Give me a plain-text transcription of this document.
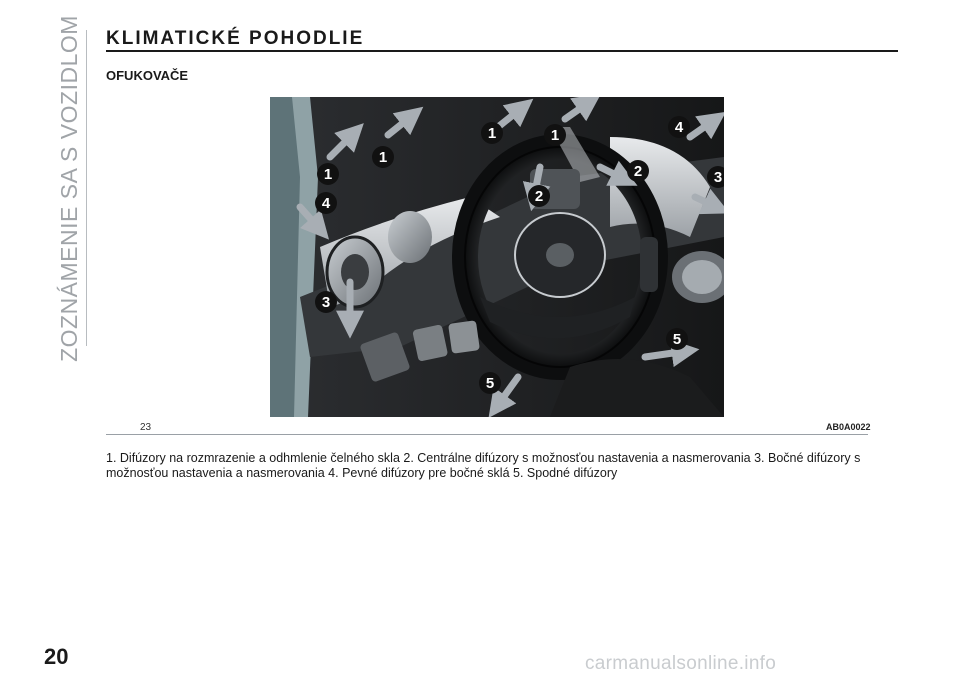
ZOZNÁMENIE SA S VOZIDLOM KLIMATICKÉ POHODLIE
OFUKOVAČE
1
1
1	1
2
2
3
3
4
4
5
5
23	AB0A0022
1. Difúzory na rozmrazenie a odhmlenie čelného skla 2. Centrálne difúzory s možnosťou nastavenia a nasmerovania 3. Bočné difúzory s možnosťou nastavenia a nasmerovania 4. Pevné difúzory pre bočné sklá 5. Spodné difúzory
20	carmanualsonline.info
